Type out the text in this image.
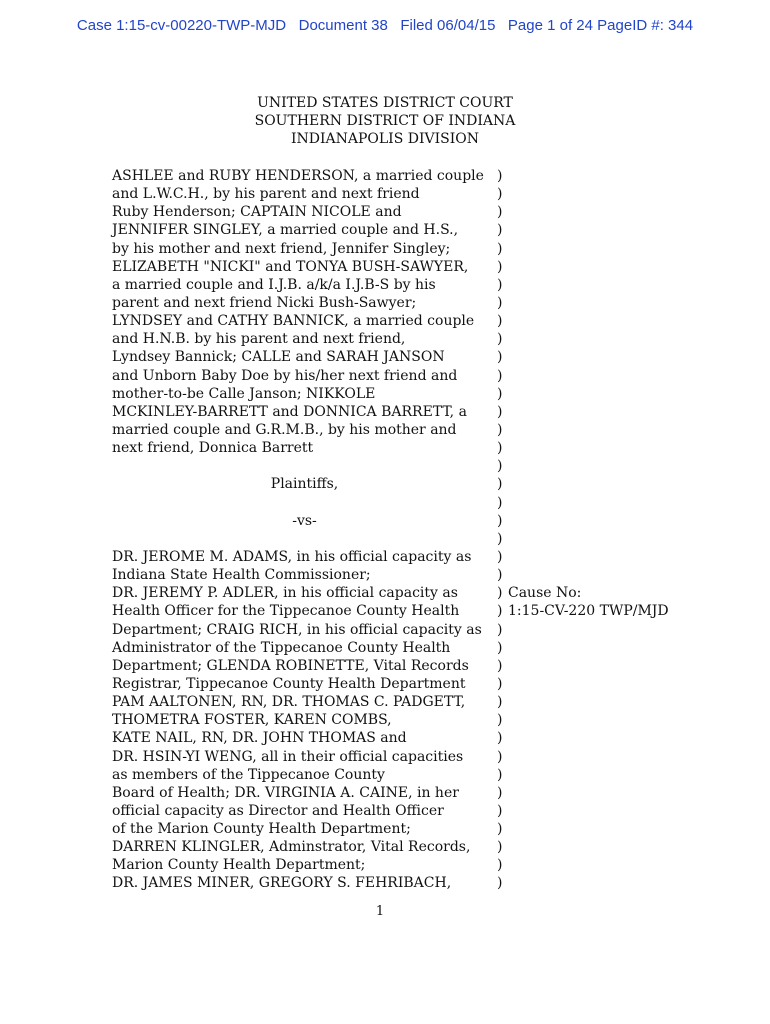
Case 1:15-cv-00220-TWP-MJD   Document 38   Filed 06/04/15   Page 1 of 24 PageID #: 344
UNITED STATES DISTRICT COURT
SOUTHERN DISTRICT OF INDIANA
INDIANAPOLIS DIVISION
ASHLEE and RUBY HENDERSON, a married couple )
and L.W.C.H., by his parent and next friend	)
Ruby Henderson; CAPTAIN NICOLE and	)
JENNIFER SINGLEY, a married couple and H.S.,	)
by his mother and next friend, Jennifer Singley;	)
ELIZABETH "NICKI" and TONYA BUSH-SAWYER, )
a married couple and I.J.B. a/k/a I.J.B-S by his	)
parent and next friend Nicki Bush-Sawyer;	)
LYNDSEY and CATHY BANNICK, a married couple )
and H.N.B. by his parent and next friend,	)
Lyndsey Bannick; CALLE and SARAH JANSON	)
and Unborn Baby Doe by his/her next friend and	)
mother-to-be Calle Janson; NIKKOLE	)
MCKINLEY-BARRETT and DONNICA BARRETT, a )
married couple and G.R.M.B., by his mother and	)
next friend, Donnica Barrett	)
)
Plaintiffs,	)
)
-vs-	)
)
DR. JEROME M. ADAMS, in his official capacity as )
Indiana State Health Commissioner;	)
DR. JEREMY P. ADLER, in his official capacity as	) Cause No:
Health Officer for the Tippecanoe County Health	) 1:15-CV-220 TWP/MJD
Department; CRAIG RICH, in his official capacity as )
Administrator of the Tippecanoe County Health	)
Department; GLENDA ROBINETTE, Vital Records )
Registrar, Tippecanoe County Health Department )
PAM AALTONEN, RN, DR. THOMAS C. PADGETT, )
THOMETRA FOSTER, KAREN COMBS,	)
KATE NAIL, RN, DR. JOHN THOMAS and	)
DR. HSIN-YI WENG, all in their official capacities )
as members of the Tippecanoe County	)
Board of Health; DR. VIRGINIA A. CAINE, in her	)
official capacity as Director and Health Officer	)
of the Marion County Health Department;	)
DARREN KLINGLER, Adminstrator, Vital Records, )
Marion County Health Department;	)
DR. JAMES MINER, GREGORY S. FEHRIBACH,	)
1
